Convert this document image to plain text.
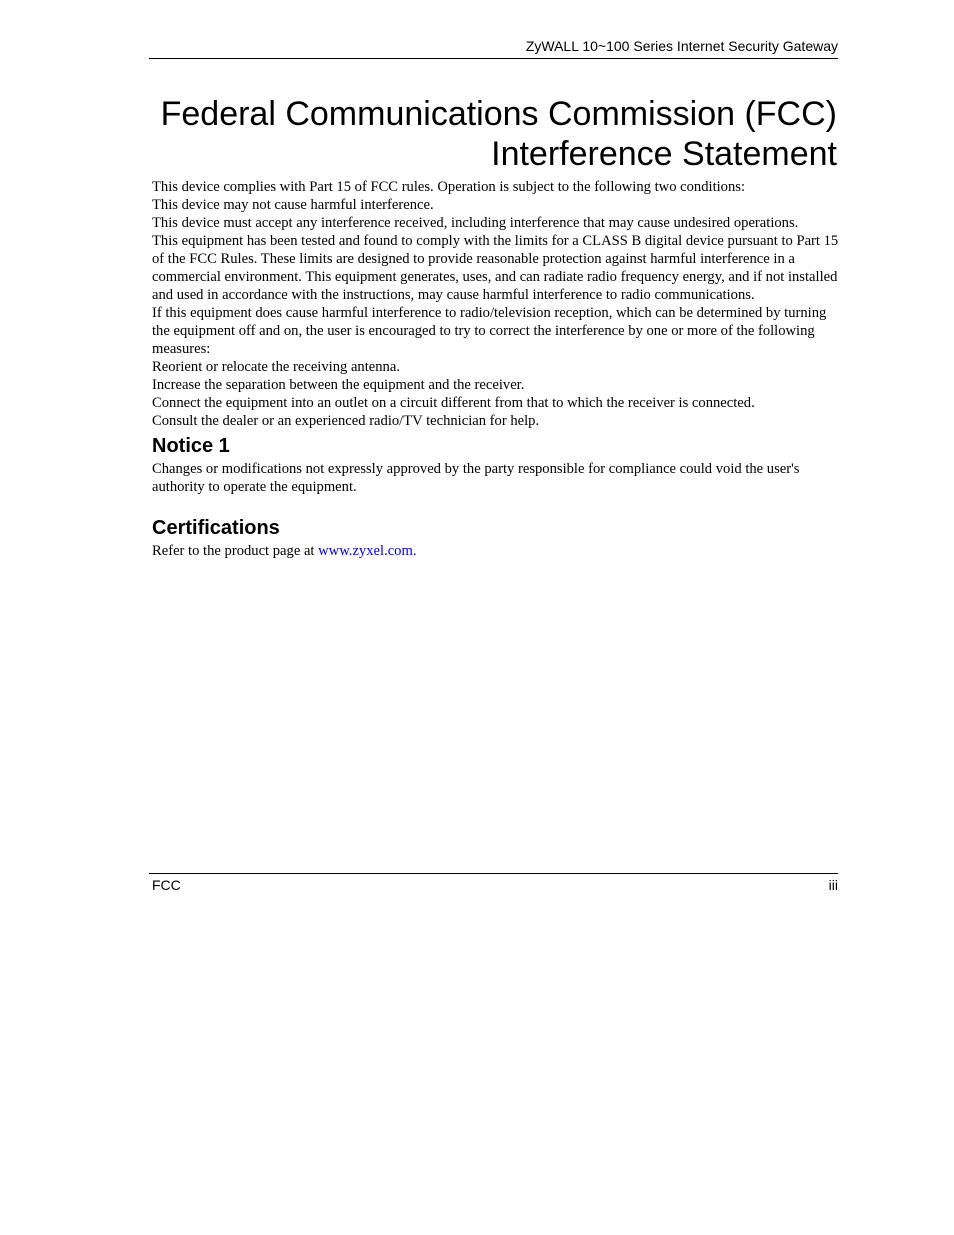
ZyWALL 10~100 Series Internet Security Gateway
Federal Communications Commission (FCC)
Interference Statement

This device complies with Part 15 of FCC rules. Operation is subject to the following two conditions:

This device may not cause harmful interference.

This device must accept any interference received, including interference that may cause undesired operations.

This equipment has been tested and found to comply with the limits for a CLASS B digital device pursuant to Part 15 of the FCC Rules. These limits are designed to provide reasonable protection against harmful interference in a commercial environment. This equipment generates, uses, and can radiate radio frequency energy, and if not installed and used in accordance with the instructions, may cause harmful interference to radio communications.

If this equipment does cause harmful interference to radio/television reception, which can be determined by turning the equipment off and on, the user is encouraged to try to correct the interference by one or more of the following measures:

Reorient or relocate the receiving antenna.

Increase the separation between the equipment and the receiver.

Connect the equipment into an outlet on a circuit different from that to which the receiver is connected.

Consult the dealer or an experienced radio/TV technician for help.

Notice 1

Changes or modifications not expressly approved by the party responsible for compliance could void the user's authority to operate the equipment.

Certifications

Refer to the product page at www.zyxel.com.

FCC	iii
